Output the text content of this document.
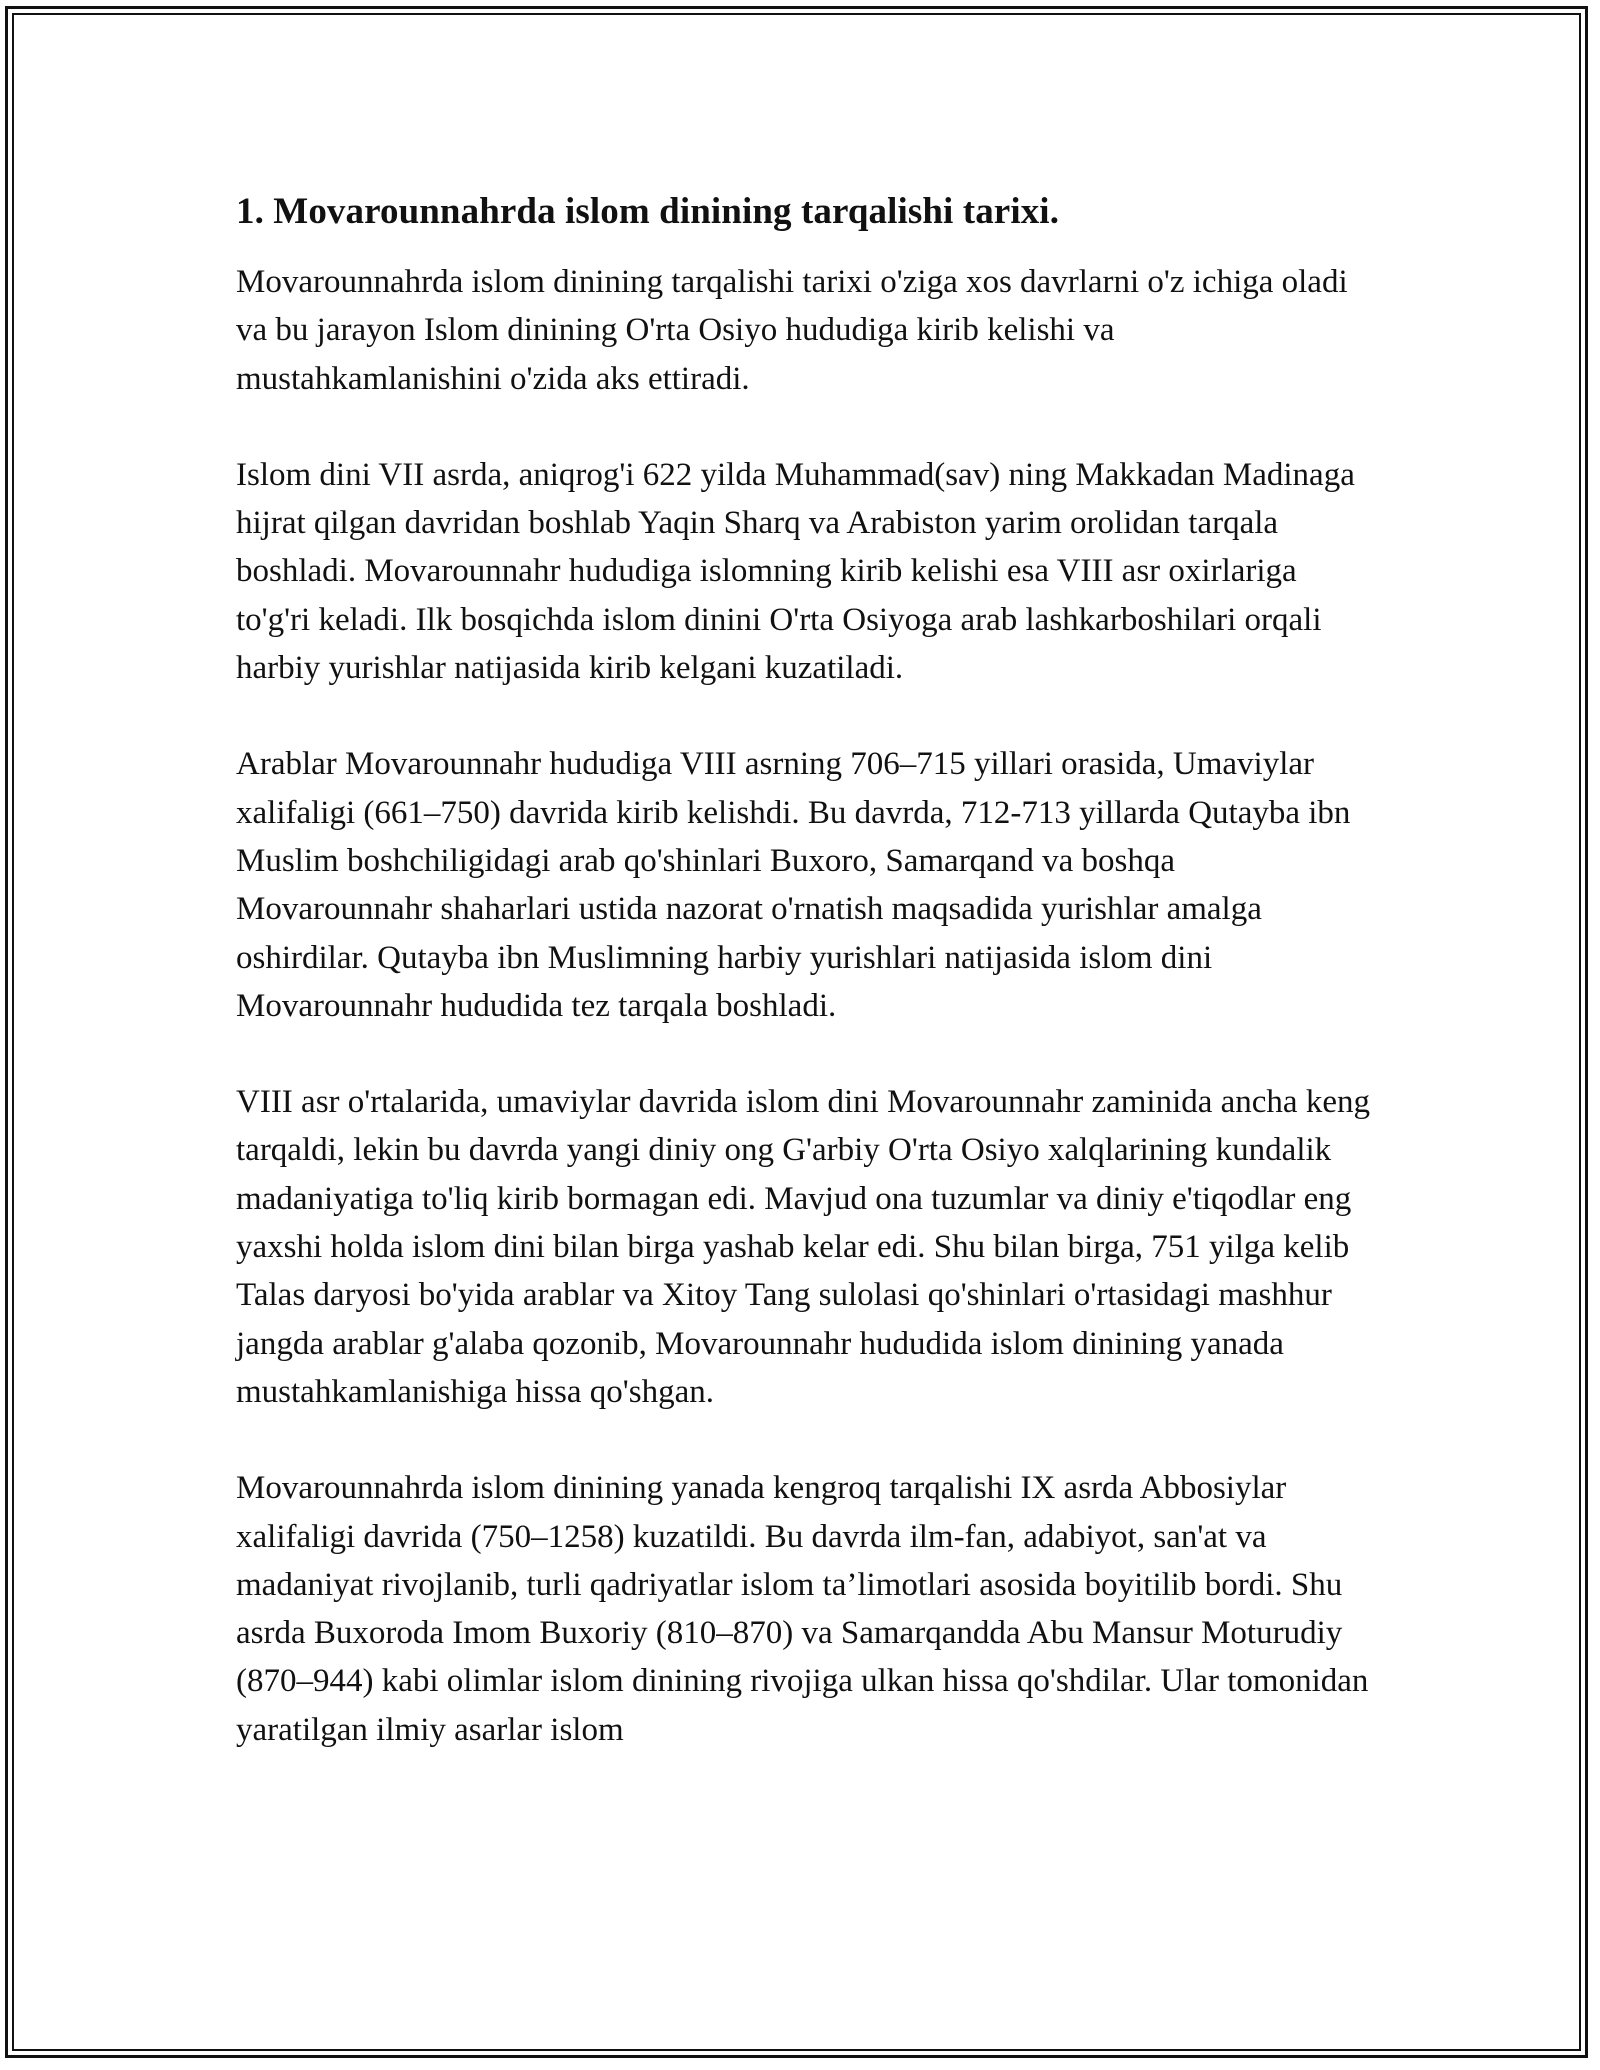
1. Movarounnahrda islom dinining tarqalishi tarixi.

Movarounnahrda islom dinining tarqalishi tarixi o'ziga xos davrlarni o'z ichiga oladi va bu jarayon Islom dinining O'rta Osiyo hududiga kirib kelishi va mustahkamlanishini o'zida aks ettiradi.

Islom dini VII asrda, aniqrog'i 622 yilda Muhammad(sav) ning Makkadan Madinaga hijrat qilgan davridan boshlab Yaqin Sharq va Arabiston yarim orolidan tarqala boshladi. Movarounnahr hududiga islomning kirib kelishi esa VIII asr oxirlariga to'g'ri keladi. Ilk bosqichda islom dinini O'rta Osiyoga arab lashkarboshilari orqali harbiy yurishlar natijasida kirib kelgani kuzatiladi.

Arablar Movarounnahr hududiga VIII asrning 706–715 yillari orasida, Umaviylar xalifaligi (661–750) davrida kirib kelishdi. Bu davrda, 712-713 yillarda Qutayba ibn Muslim boshchiligidagi arab qo'shinlari Buxoro, Samarqand va boshqa Movarounnahr shaharlari ustida nazorat o'rnatish maqsadida yurishlar amalga oshirdilar. Qutayba ibn Muslimning harbiy yurishlari natijasida islom dini Movarounnahr hududida tez tarqala boshladi.

VIII asr o'rtalarida, umaviylar davrida islom dini Movarounnahr zaminida ancha keng tarqaldi, lekin bu davrda yangi diniy ong G'arbiy O'rta Osiyo xalqlarining kundalik madaniyatiga to'liq kirib bormagan edi. Mavjud ona tuzumlar va diniy e'tiqodlar eng yaxshi holda islom dini bilan birga yashab kelar edi. Shu bilan birga, 751 yilga kelib Talas daryosi bo'yida arablar va Xitoy Tang sulolasi qo'shinlari o'rtasidagi mashhur jangda arablar g'alaba qozonib, Movarounnahr hududida islom dinining yanada mustahkamlanishiga hissa qo'shgan.

Movarounnahrda islom dinining yanada kengroq tarqalishi IX asrda Abbosiylar xalifaligi davrida (750–1258) kuzatildi. Bu davrda ilm-fan, adabiyot, san'at va madaniyat rivojlanib, turli qadriyatlar islom ta’limotlari asosida boyitilib bordi. Shu asrda Buxoroda Imom Buxoriy (810–870) va Samarqandda Abu Mansur Moturudiy (870–944) kabi olimlar islom dinining rivojiga ulkan hissa qo'shdilar. Ular tomonidan yaratilgan ilmiy asarlar islom
